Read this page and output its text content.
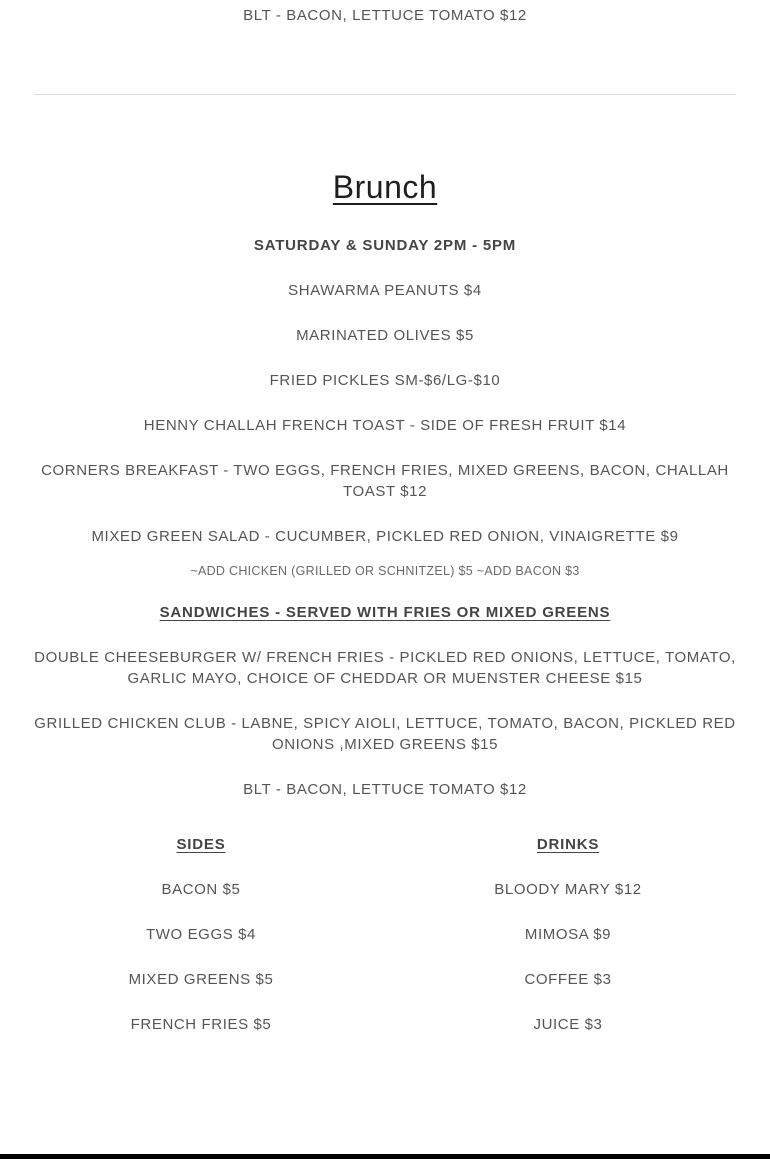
BLT - BACON, LETTUCE TOMATO $12
Brunch
SATURDAY & SUNDAY 2PM - 5PM
SHAWARMA PEANUTS $4
MARINATED OLIVES $5
FRIED PICKLES SM-$6/LG-$10
HENNY CHALLAH FRENCH TOAST - SIDE OF FRESH FRUIT $14
CORNERS BREAKFAST - TWO EGGS, FRENCH FRIES, MIXED GREENS, BACON, CHALLAH TOAST $12
MIXED GREEN SALAD - CUCUMBER, PICKLED RED ONION, VINAIGRETTE $9
~ADD CHICKEN (GRILLED OR SCHNITZEL) $5 ~ADD BACON $3
SANDWICHES - SERVED WITH FRIES OR MIXED GREENS
DOUBLE CHEESEBURGER W/ FRENCH FRIES - PICKLED RED ONIONS, LETTUCE, TOMATO, GARLIC MAYO, CHOICE OF CHEDDAR OR MUENSTER CHEESE $15
GRILLED CHICKEN CLUB - LABNE, SPICY AIOLI, LETTUCE, TOMATO, BACON, PICKLED RED ONIONS ,MIXED GREENS $15
BLT - BACON, LETTUCE TOMATO $12
SIDES
BACON $5
TWO EGGS $4
MIXED GREENS $5
FRENCH FRIES $5
DRINKS
BLOODY MARY $12
MIMOSA $9
COFFEE $3
JUICE $3
